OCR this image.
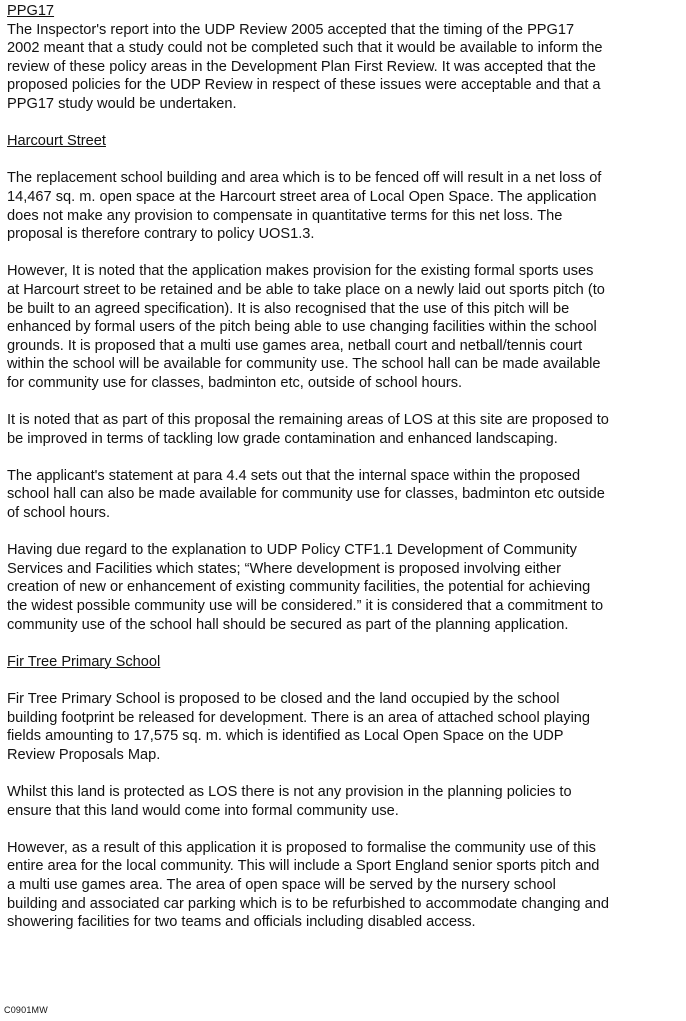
PPG17
The Inspector's report into the UDP Review 2005 accepted that the timing of the PPG17
2002 meant that a study could not be completed such that it would be available to inform the
review of these policy areas in the Development Plan First Review. It was accepted that the
proposed policies for the UDP Review in respect of these issues were acceptable and that a
PPG17 study would be undertaken.
Harcourt Street
The replacement school building and area which is to be fenced off will result in a net loss of
14,467 sq. m. open space at the Harcourt street area of Local Open Space. The application
does not make any provision to compensate in quantitative terms for this net loss. The
proposal is therefore contrary to policy UOS1.3.
However, It is noted that the application makes provision for the existing formal sports uses
at Harcourt street to be retained and be able to take place on a newly laid out sports pitch (to
be built to an agreed specification). It is also recognised that the use of this pitch will be
enhanced by formal users of the pitch being able to use changing facilities within the school
grounds. It is proposed that a multi use games area, netball court and netball/tennis court
within the school will be available for community use. The school hall can be made available
for community use for classes, badminton etc, outside of school hours.
It is noted that as part of this proposal the remaining areas of LOS at this site are proposed to
be improved in terms of tackling low grade contamination and enhanced landscaping.
The applicant's statement at para 4.4 sets out that the internal space within the proposed
school hall can also be made available for community use for classes, badminton etc outside
of school hours.
Having due regard to the explanation to UDP Policy CTF1.1 Development of Community
Services and Facilities which states; “Where development is proposed involving either
creation of new or enhancement of existing community facilities, the potential for achieving
the widest possible community use will be considered.” it is considered that a commitment to
community use of the school hall should be secured as part of the planning application.
Fir Tree Primary School
Fir Tree Primary School is proposed to be closed and the land occupied by the school
building footprint be released for development. There is an area of attached school playing
fields amounting to 17,575 sq. m. which is identified as Local Open Space on the UDP
Review Proposals Map.
Whilst this land is protected as LOS there is not any provision in the planning policies to
ensure that this land would come into formal community use.
However, as a result of this application it is proposed to formalise the community use of this
entire area for the local community. This will include a Sport England senior sports pitch and
a multi use games area. The area of open space will be served by the nursery school
building and associated car parking which is to be refurbished to accommodate changing and
showering facilities for two teams and officials including disabled access.
C0901MW
